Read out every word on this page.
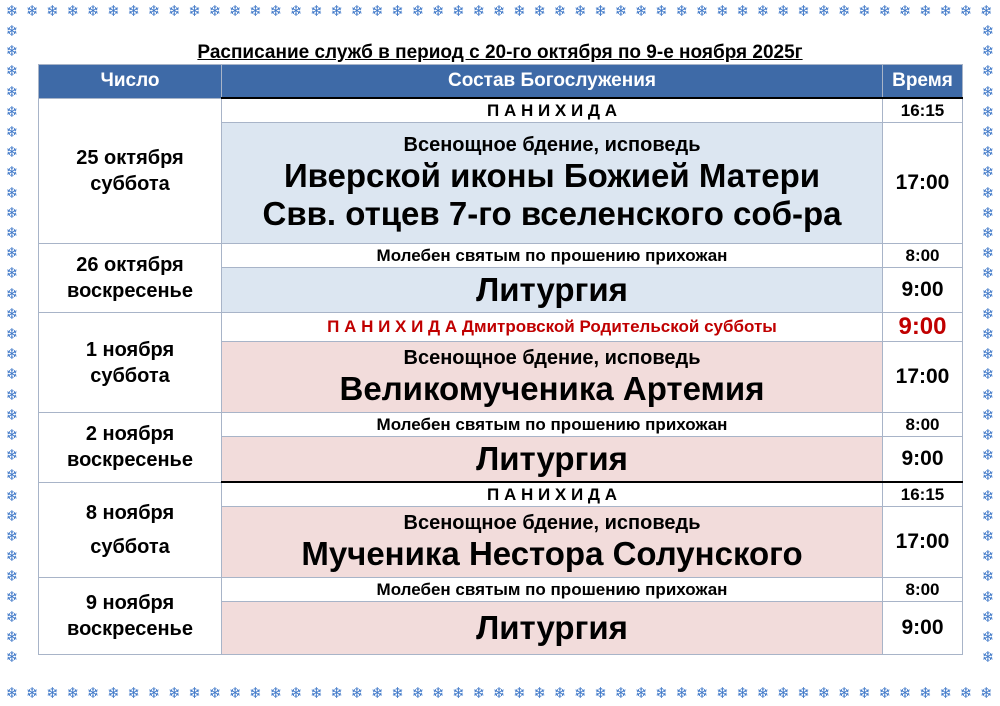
❄
❄
❄
❄
❄
❄
❄
❄
❄
❄
❄
❄
❄
❄
❄
❄
❄
❄
❄
❄
❄
❄
❄
❄
❄
❄
❄
❄
❄
❄
❄
❄
❄
❄
❄
❄
❄
❄
❄
❄
❄
❄
❄
❄
❄
❄
❄
❄
❄
❄
❄
❄
❄
❄
❄
❄
❄
❄
❄
❄
❄
❄
❄
❄
❄
❄
❄
❄
❄
❄
❄
❄
❄
❄
❄
❄
❄
❄
❄
❄
❄
❄
❄
❄
❄
❄
❄
❄
❄
❄
❄
❄
❄
❄
❄
❄
❄
❄
❄	❄
❄	❄
❄	❄
❄	❄
❄	❄
❄	❄
❄	❄
❄	❄
❄	❄
❄	❄
❄	❄
❄	❄
❄	❄
❄	❄
❄	❄
❄	❄
❄	❄
❄	❄
❄	❄
❄	❄
❄	❄
❄	❄
❄	❄
❄	❄
❄	❄
❄	❄
❄	❄
❄	❄
❄	❄
❄	❄
❄	❄
❄	❄
Расписание служб в период с 20-го октября по 9-е ноября 2025г
Число	Состав Богослужения	Время
25 октября
суббота	П А Н И Х И Д А	16:15

	Всенощное бдение, исповедь
Иверской иконы Божией Матери
Свв. отцев 7-го вселенского соб-ра	17:00
26 октября
воскресенье	Молебен святым по прошению прихожан	8:00

	Литургия	9:00
1 ноября
суббота	П А Н И Х И Д А Дмитровской Родительской субботы	9:00

	Всенощное бдение, исповедь
Великомученика Артемия	17:00
2 ноября
воскресенье	Молебен святым по прошению прихожан	8:00

	Литургия	9:00
8 ноября
суббота	П А Н И Х И Д А	16:15

	Всенощное бдение, исповедь
Мученика Нестора Солунского	17:00
9 ноября
воскресенье	Молебен святым по прошению прихожан	8:00

	Литургия	9:00
